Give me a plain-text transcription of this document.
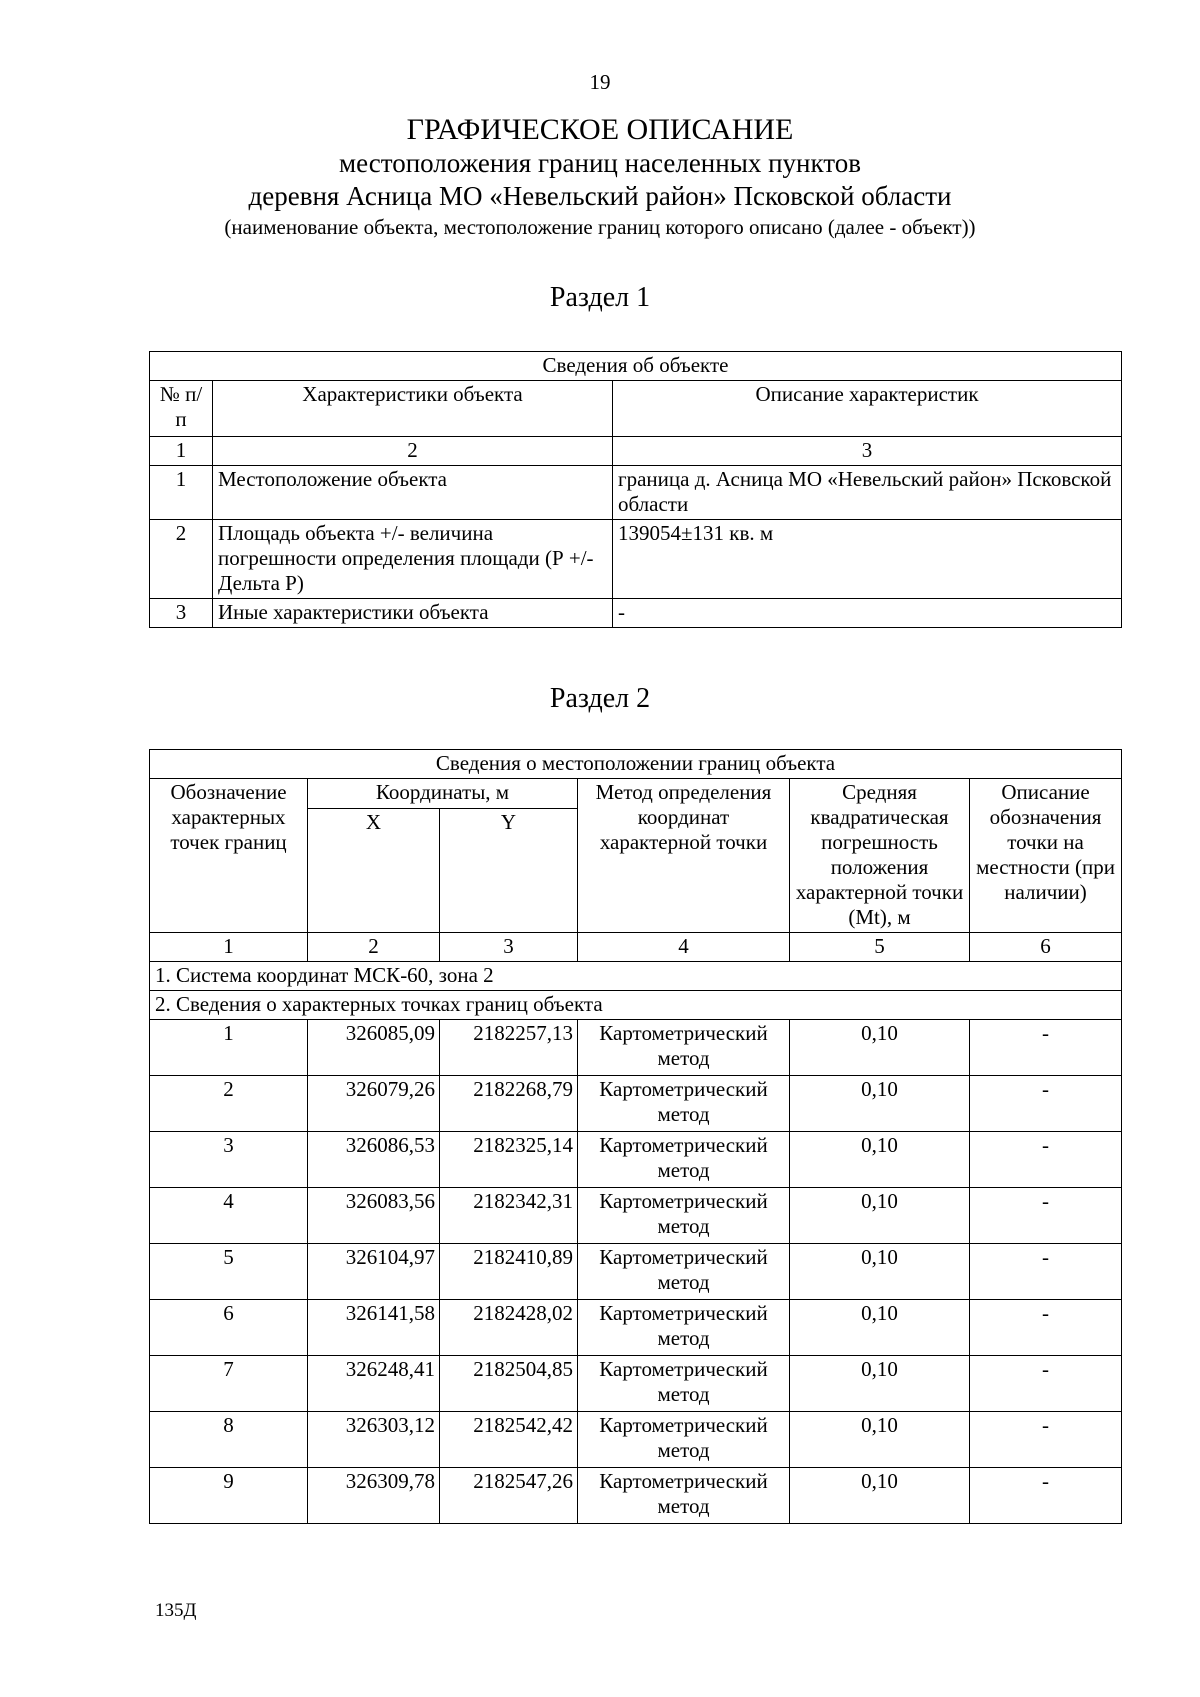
19
ГРАФИЧЕСКОЕ ОПИСАНИЕ
местоположения границ населенных пунктов
деревня Асница МО «Невельский район» Псковской области
(наименование объекта, местоположение границ которого описано (далее - объект))
Раздел 1
Сведения об объекте		
№ п/п	Характеристики объекта	Описание характеристик
1	2	3
1	Местоположение объекта	граница д. Асница МО «Невельский район» Псковской области
2	Площадь объекта +/- величина погрешности определения площади (Р +/- Дельта Р)	139054±131 кв. м
3	Иные характеристики объекта	-
Раздел 2
Сведения о местоположении границ объекта					
Обозначение характерных точек границ	Координаты, м		Метод определения координат характерной точки	Средняя квадратическая погрешность положения характерной точки (Mt), м	Описание обозначения точки на местности (при наличии)
	X	Y			
1	2	3	4	5	6
1. Система координат МСК-60, зона 2					
2. Сведения о характерных точках границ объекта					
1	326085,09	2182257,13	Картометрический метод	0,10	-
2	326079,26	2182268,79	Картометрический метод	0,10	-
3	326086,53	2182325,14	Картометрический метод	0,10	-
4	326083,56	2182342,31	Картометрический метод	0,10	-
5	326104,97	2182410,89	Картометрический метод	0,10	-
6	326141,58	2182428,02	Картометрический метод	0,10	-
7	326248,41	2182504,85	Картометрический метод	0,10	-
8	326303,12	2182542,42	Картометрический метод	0,10	-
9	326309,78	2182547,26	Картометрический метод	0,10	-
135Д
